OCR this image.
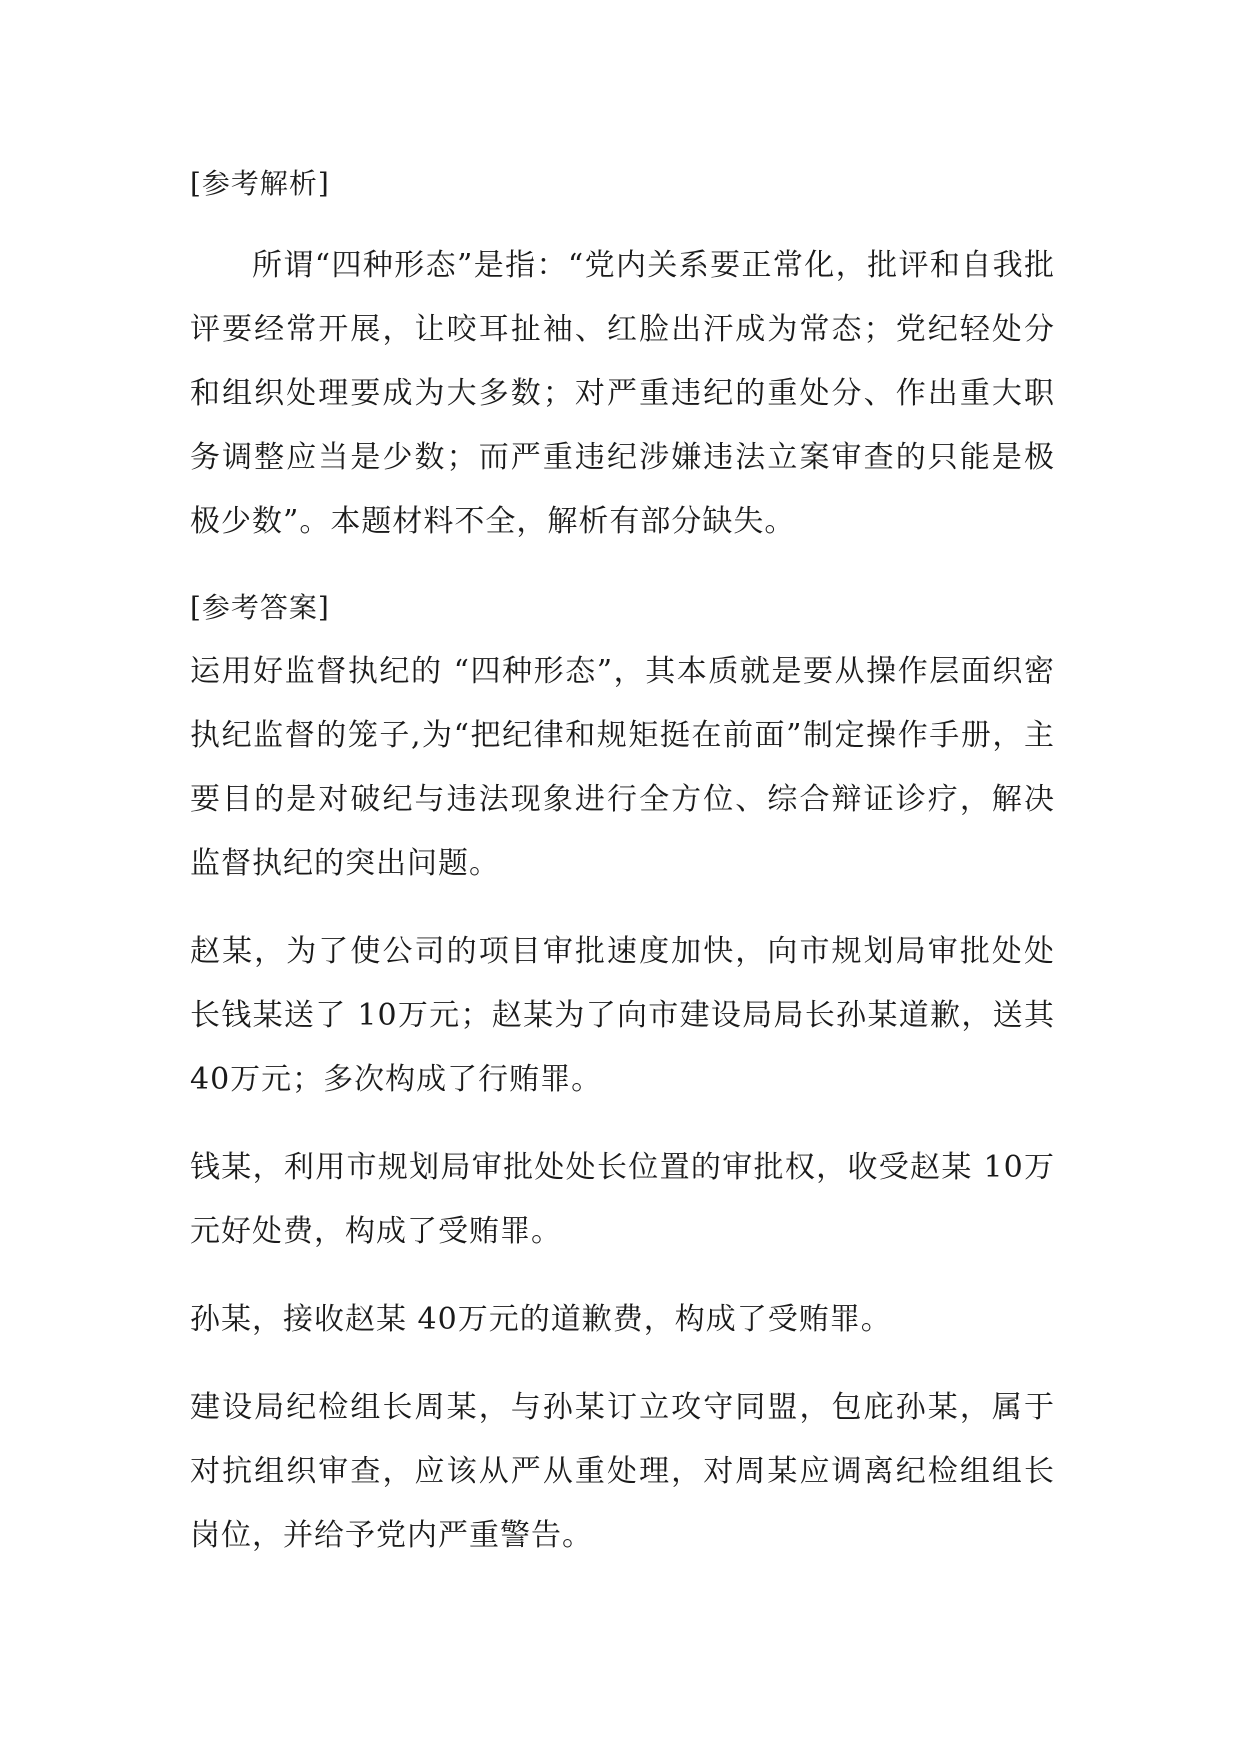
[参考解析]

所谓“四种形态”是指：“党内关系要正常化，批评和自我批评要经常开展，让咬耳扯袖、红脸出汗成为常态；党纪轻处分和组织处理要成为大多数；对严重违纪的重处分、作出重大职务调整应当是少数；而严重违纪涉嫌违法立案审查的只能是极极少数”。本题材料不全，解析有部分缺失。

[参考答案]

运用好监督执纪的 “四种形态”，其本质就是要从操作层面织密执纪监督的笼子,为“把纪律和规矩挺在前面”制定操作手册，主要目的是对破纪与违法现象进行全方位、综合辩证诊疗，解决监督执纪的突出问题。

赵某，为了使公司的项目审批速度加快，向市规划局审批处处长钱某送了 10万元；赵某为了向市建设局局长孙某道歉，送其 40万元；多次构成了行贿罪。

钱某，利用市规划局审批处处长位置的审批权，收受赵某 10万元好处费，构成了受贿罪。

孙某，接收赵某 40万元的道歉费，构成了受贿罪。

建设局纪检组长周某，与孙某订立攻守同盟，包庇孙某，属于对抗组织审查，应该从严从重处理，对周某应调离纪检组组长岗位，并给予党内严重警告。
